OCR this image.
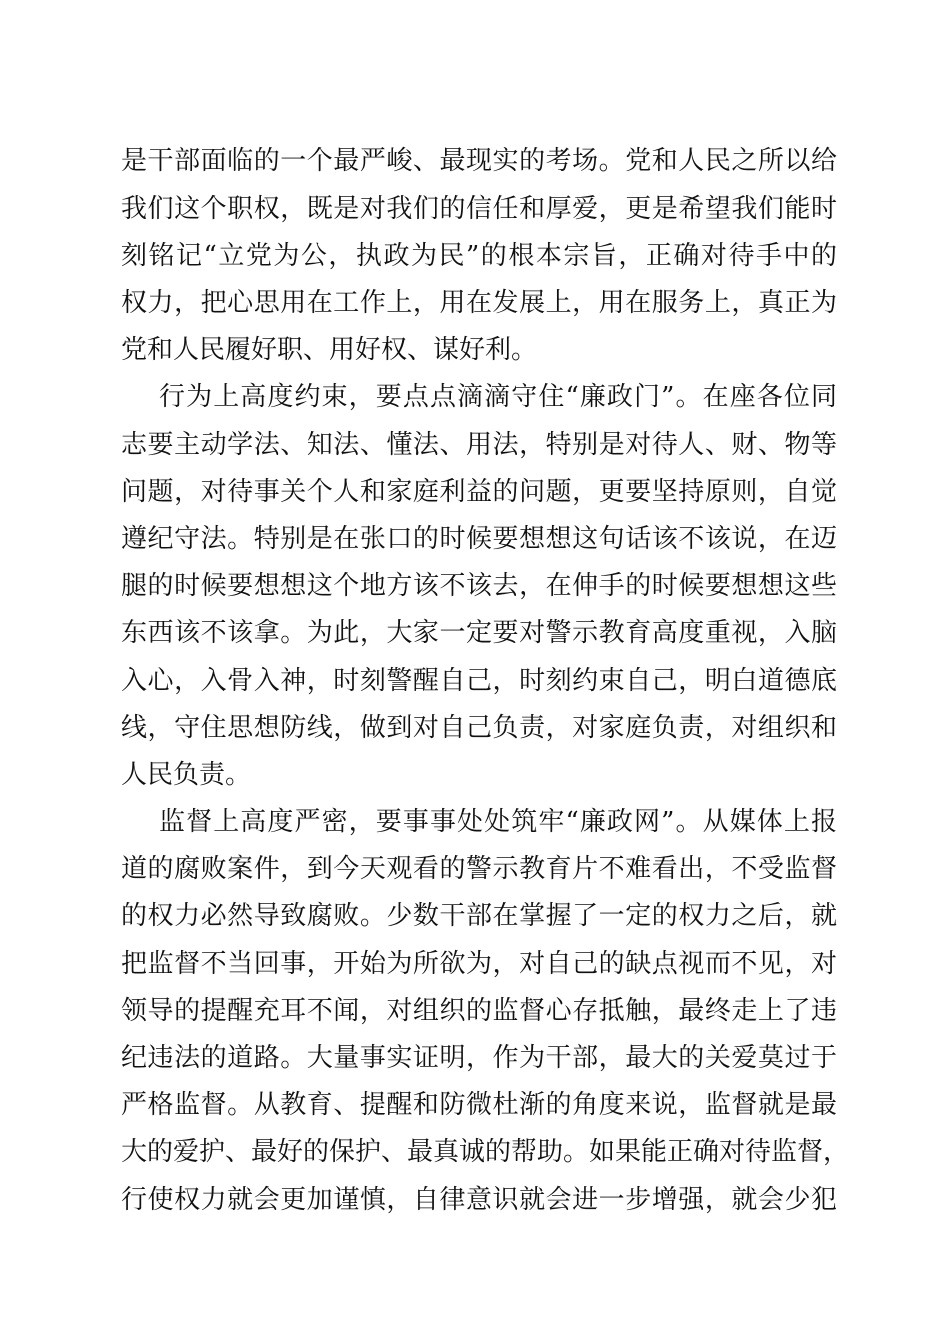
是干部面临的一个最严峻、最现实的考场。党和人民之所以给
我们这个职权，既是对我们的信任和厚爱，更是希望我们能时
刻铭记“立党为公，执政为民”的根本宗旨，正确对待手中的
权力，把心思用在工作上，用在发展上，用在服务上，真正为
党和人民履好职、用好权、谋好利。
行为上高度约束，要点点滴滴守住“廉政门”。在座各位同
志要主动学法、知法、懂法、用法，特别是对待人、财、物等
问题，对待事关个人和家庭利益的问题，更要坚持原则，自觉
遵纪守法。特别是在张口的时候要想想这句话该不该说，在迈
腿的时候要想想这个地方该不该去，在伸手的时候要想想这些
东西该不该拿。为此，大家一定要对警示教育高度重视，入脑
入心，入骨入神，时刻警醒自己，时刻约束自己，明白道德底
线，守住思想防线，做到对自己负责，对家庭负责，对组织和
人民负责。
监督上高度严密，要事事处处筑牢“廉政网”。从媒体上报
道的腐败案件，到今天观看的警示教育片不难看出，不受监督
的权力必然导致腐败。少数干部在掌握了一定的权力之后，就
把监督不当回事，开始为所欲为，对自己的缺点视而不见，对
领导的提醒充耳不闻，对组织的监督心存抵触，最终走上了违
纪违法的道路。大量事实证明，作为干部，最大的关爱莫过于
严格监督。从教育、提醒和防微杜渐的角度来说，监督就是最
大的爱护、最好的保护、最真诚的帮助。如果能正确对待监督，
行使权力就会更加谨慎，自律意识就会进一步增强，就会少犯
